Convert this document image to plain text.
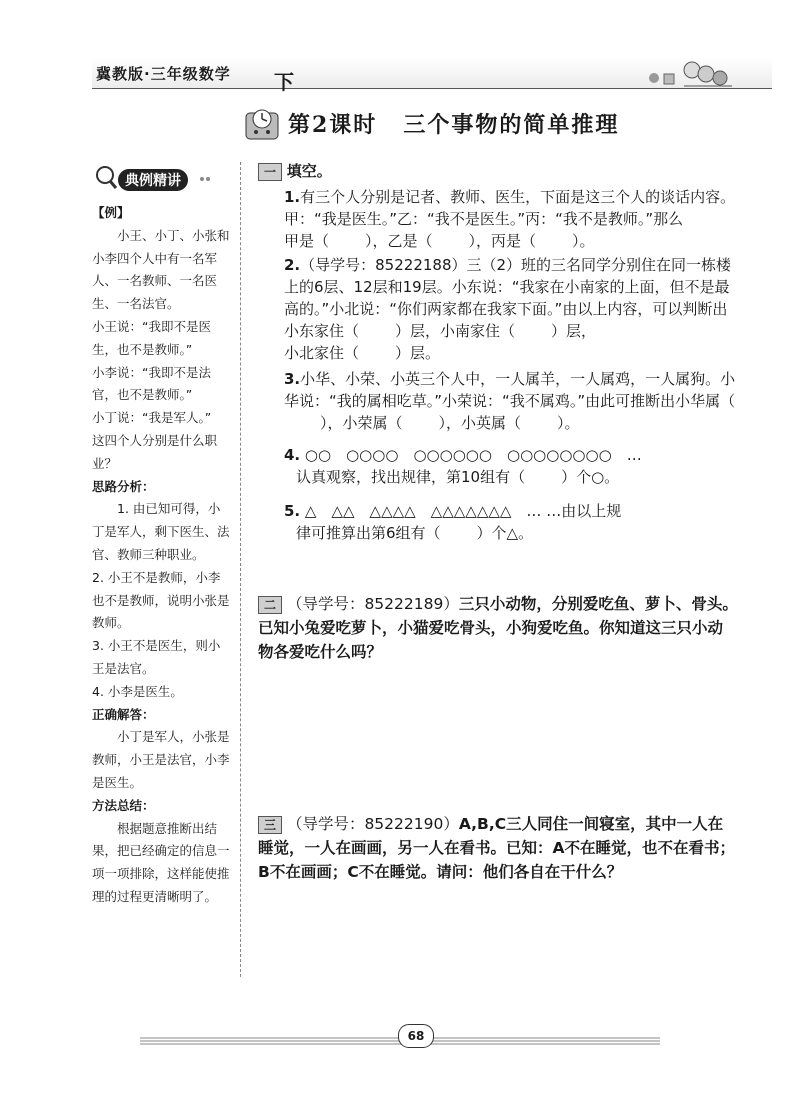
冀教版·三年级数学 下
第2课时 三个事物的简单推理
典例精讲

【例】

小王、小丁、小张和小李四个人中有一名军人、一名教师、一名医生、一名法官。

小王说：“我即不是医生，也不是教师。”

小李说：“我即不是法官，也不是教师。”

小丁说：“我是军人。”

这四个人分别是什么职业？

思路分析：

1. 由已知可得，小丁是军人，剩下医生、法官、教师三种职业。

2. 小王不是教师，小李也不是教师，说明小张是教师。

3. 小王不是医生，则小王是法官。

4. 小李是医生。

正确解答：

小丁是军人，小张是教师，小王是法官，小李是医生。

方法总结：

根据题意推断出结果，把已经确定的信息一项一项排除，这样能使推理的过程更清晰明了。

一 填空。

1.有三个人分别是记者、教师、医生，下面是这三个人的谈话内容。

甲：“我是医生。”乙：“我不是医生。”丙：“我不是教师。”那么

甲是（ ），乙是（ ），丙是（ ）。

2.（导学号：85222188）三（2）班的三名同学分别住在同一栋楼上的6层、12层和19层。小东说：“我家在小南家的上面，但不是最高的。”小北说：“你们两家都在我家下面。”由以上内容，可以判断出小东家住（ ）层，小南家住（ ）层，

小北家住（ ）层。

3.小华、小荣、小英三个人中，一人属羊，一人属鸡，一人属狗。小华说：“我的属相吃草。”小荣说：“我不属鸡。”由此可推断出小华属（），小荣属（ ），小英属（ ）。

4. ○○　○○○○　○○○○○○　○○○○○○○○　…

认真观察，找出规律，第10组有（ ）个○。

5. △　△△　△△△△　△△△△△△△　… …由以上规

律可推算出第6组有（ ）个△。

二 （导学号：85222189）三只小动物，分别爱吃鱼、萝卜、骨头。已知小兔爱吃萝卜，小猫爱吃骨头，小狗爱吃鱼。你知道这三只小动物各爱吃什么吗？

三 （导学号：85222190）A,B,C三人同住一间寝室，其中一人在睡觉，一人在画画，另一人在看书。已知：A不在睡觉，也不在看书；B不在画画；C不在睡觉。请问：他们各自在干什么？

68
